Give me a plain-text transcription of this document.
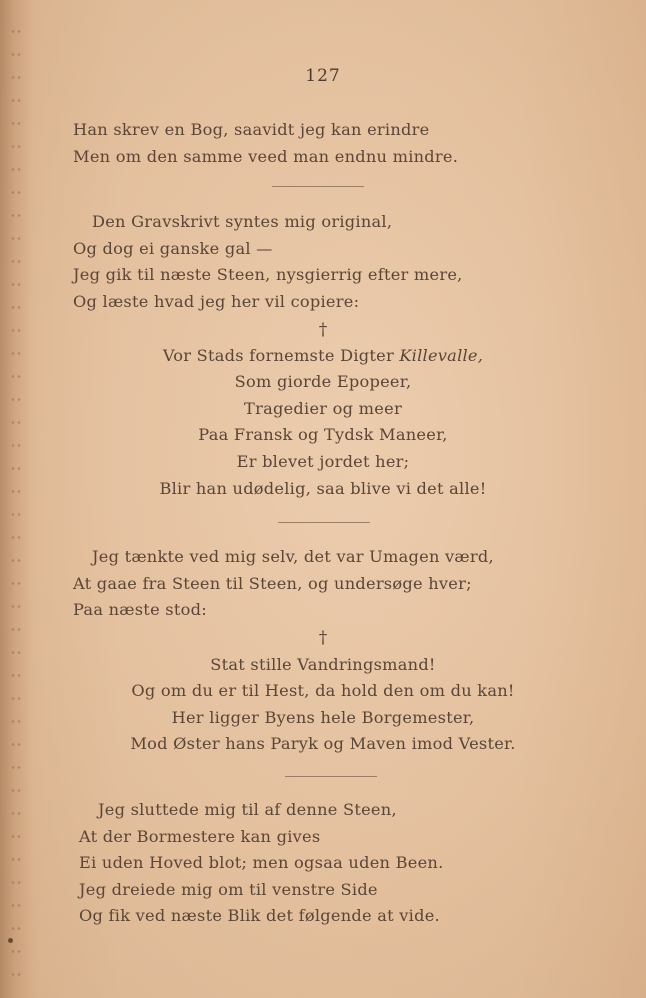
127
Han skrev en Bog, saavidt jeg kan erindre
Men om den samme veed man endnu mindre.
Den Gravskrivt syntes mig original,
Og dog ei ganske gal —
Jeg gik til næste Steen, nysgierrig efter mere,
Og læste hvad jeg her vil copiere:
†
Vor Stads fornemste Digter Killevalle,
Som giorde Epopeer,
Tragedier og meer
Paa Fransk og Tydsk Maneer,
Er blevet jordet her;
Blir han udødelig, saa blive vi det alle!
Jeg tænkte ved mig selv, det var Umagen værd,
At gaae fra Steen til Steen, og undersøge hver;
Paa næste stod:
†
Stat stille Vandringsmand!
Og om du er til Hest, da hold den om du kan!
Her ligger Byens hele Borgemester,
Mod Øster hans Paryk og Maven imod Vester.
Jeg sluttede mig til af denne Steen,
At der Bormestere kan gives
Ei uden Hoved blot; men ogsaa uden Been.
Jeg dreiede mig om til venstre Side
Og fik ved næste Blik det følgende at vide.
